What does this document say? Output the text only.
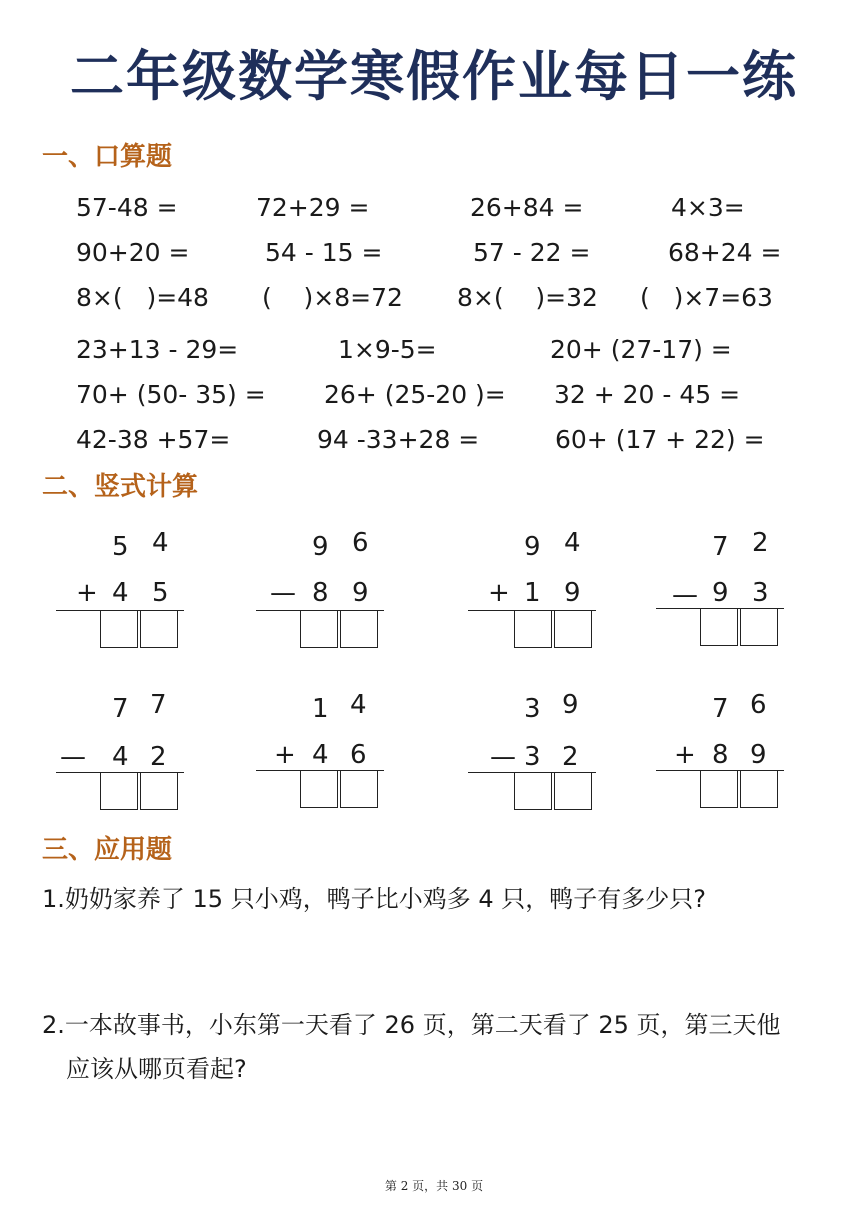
二年级数学寒假作业每日一练
一、口算题
57-48 =	72+29 =	26+84 =	4×3=
90+20 =	54 - 15 =	57 - 22 =	68+24 =
8×(   )=48 (    )×8=72 8×(    )=32 (   )×7=63
23+13 - 29=	1×9-5=	20+ (27-17) =
70+ (50- 35) = 26+ (25-20 )= 32 + 20 - 45 =
42-38 +57=	94 -33+28 =	60+ (17 + 22) =
二、竖式计算
5 4
+ 4 5
9 6
— 8 9
9 4
+ 1 9
7 2
— 9 3
7 7
— 4 2
1 4
+ 4 6
3 9
— 3 2
7 6
+ 8 9
三、应用题
1.奶奶家养了 15 只小鸡，鸭子比小鸡多 4 只，鸭子有多少只?
2.一本故事书，小东第一天看了 26 页，第二天看了 25 页，第三天他
应该从哪页看起?
第 2 页，共 30 页
